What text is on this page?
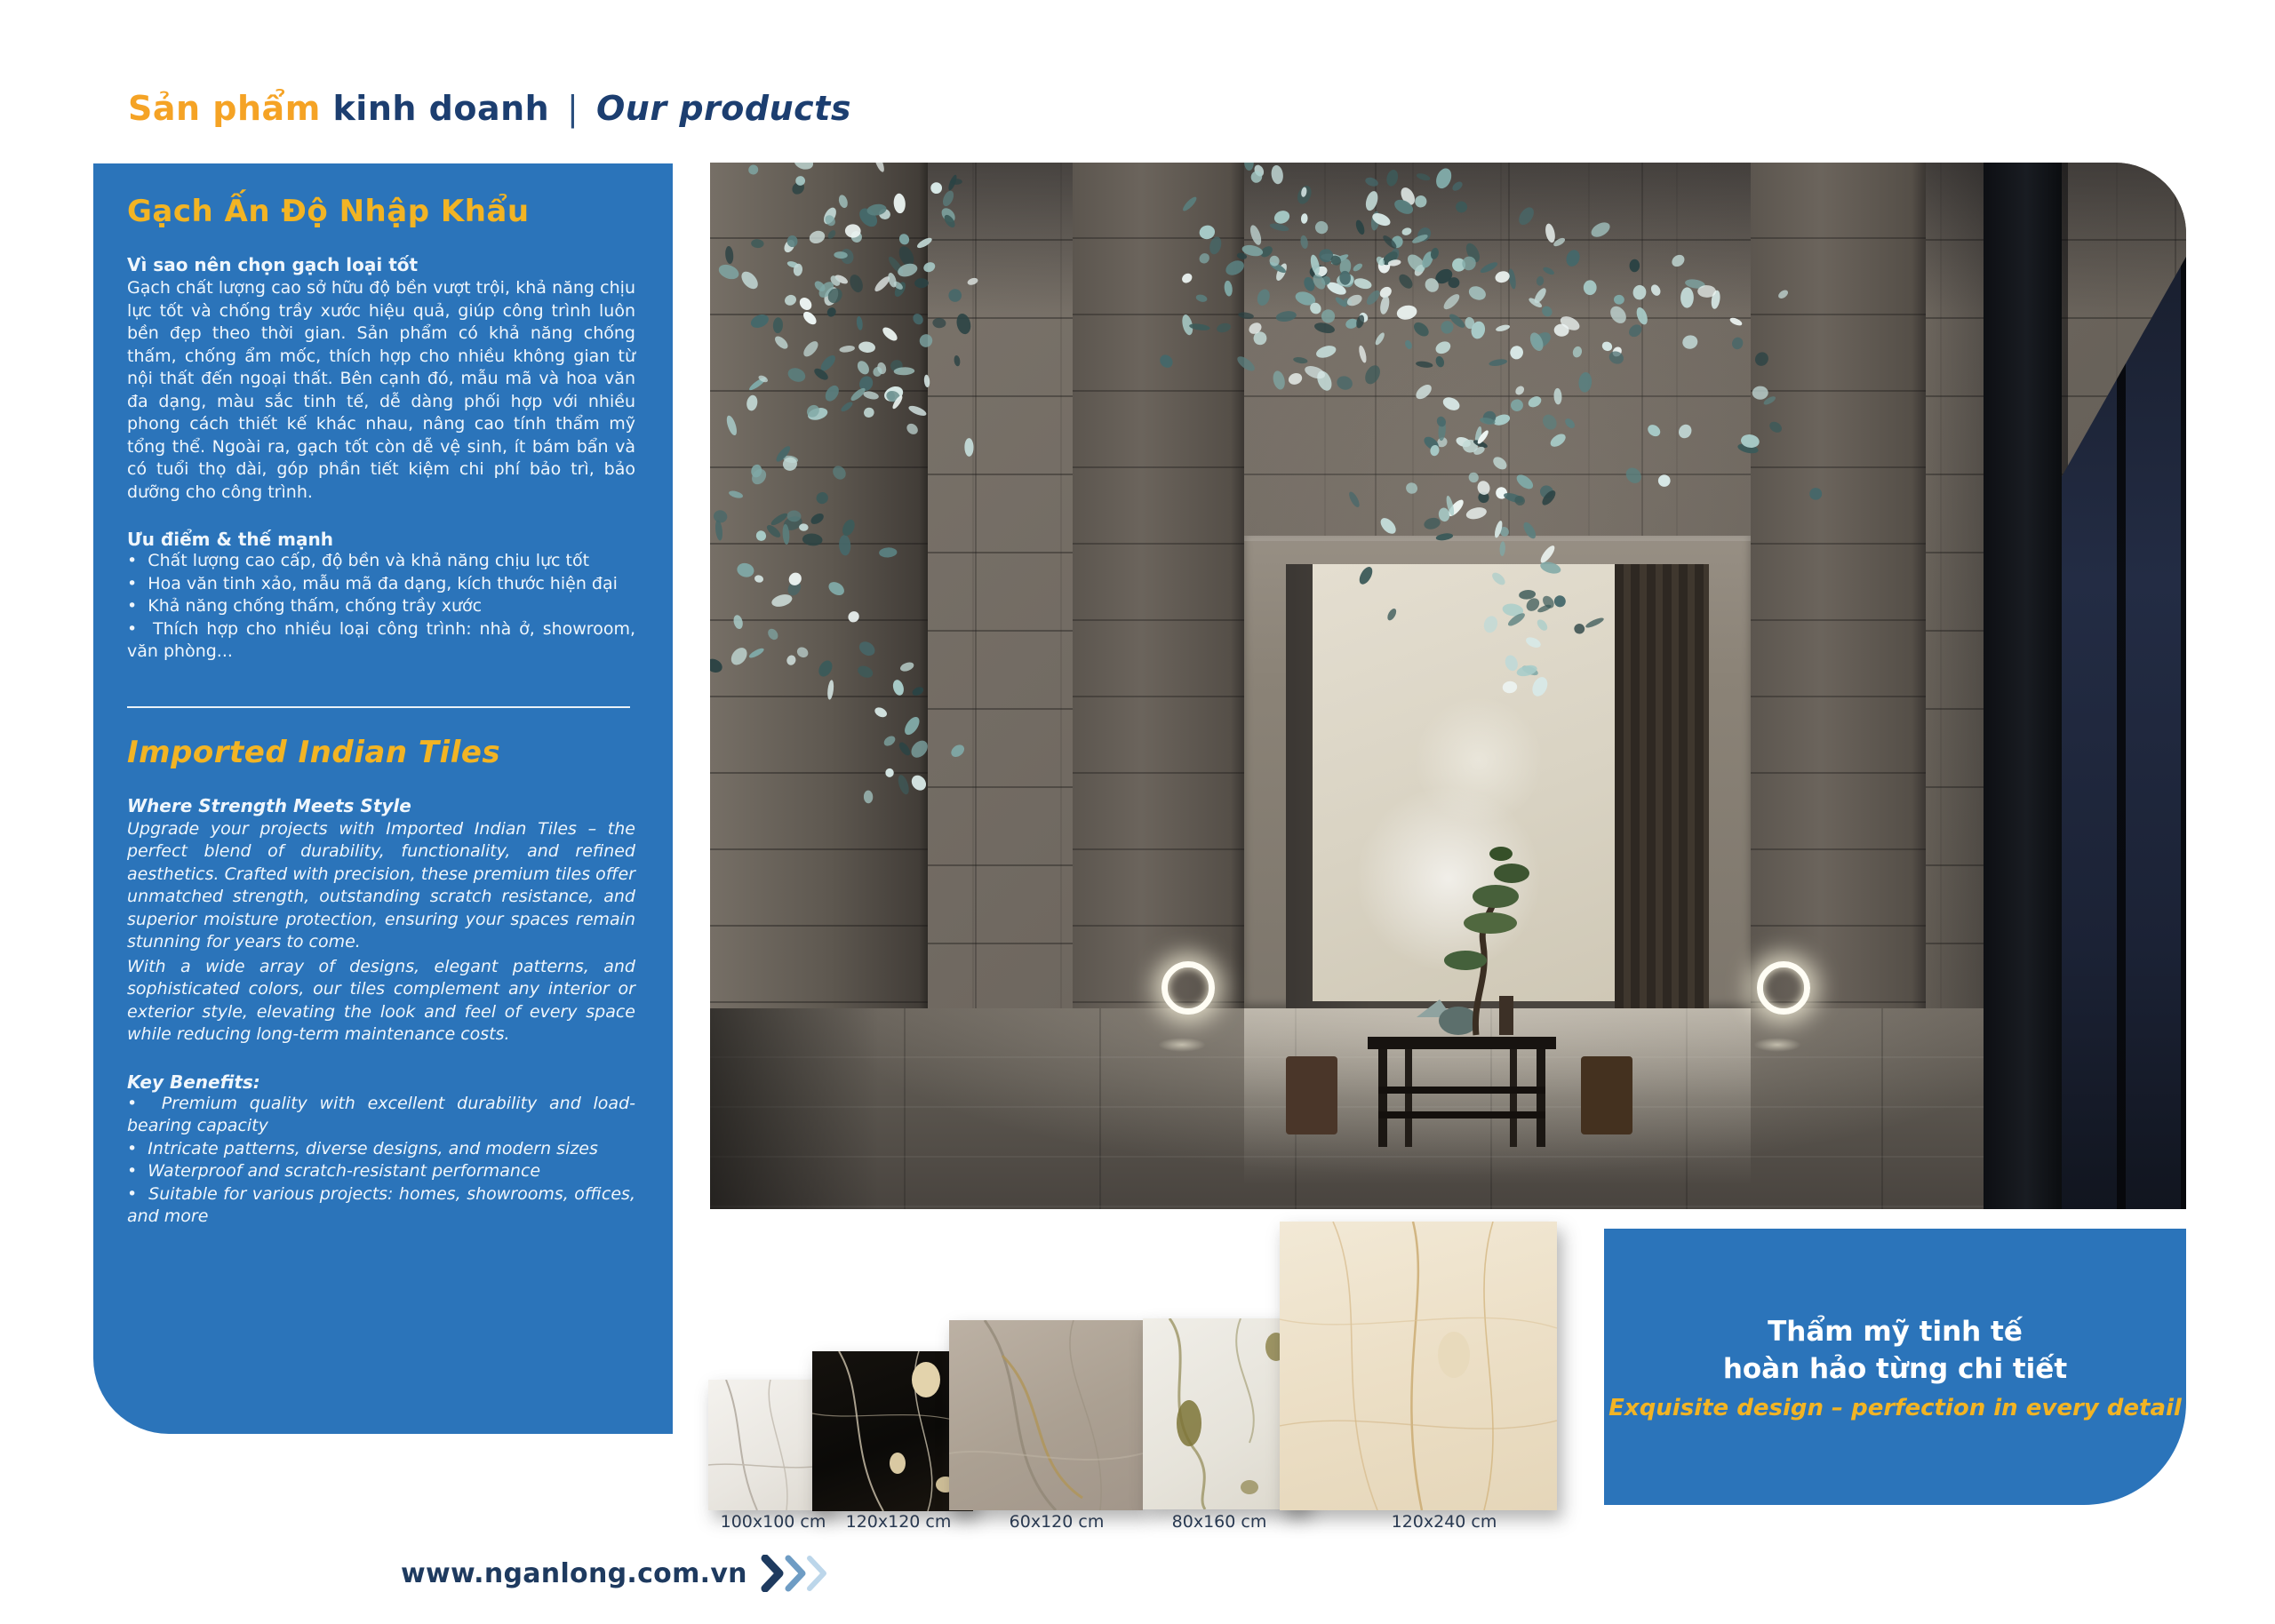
Sản phẩm kinh doanh | Our products
Gạch Ấn Độ Nhập Khẩu
Vì sao nên chọn gạch loại tốt
Gạch chất lượng cao sở hữu độ bền vượt trội, khả năng chịu lực tốt và chống trầy xước hiệu quả, giúp công trình luôn bền đẹp theo thời gian. Sản phẩm có khả năng chống thấm, chống ẩm mốc, thích hợp cho nhiều không gian từ nội thất đến ngoại thất. Bên cạnh đó, mẫu mã và hoa văn đa dạng, màu sắc tinh tế, dễ dàng phối hợp với nhiều phong cách thiết kế khác nhau, nâng cao tính thẩm mỹ tổng thể. Ngoài ra, gạch tốt còn dễ vệ sinh, ít bám bẩn và có tuổi thọ dài, góp phần tiết kiệm chi phí bảo trì, bảo dưỡng cho công trình.
Ưu điểm & thế mạnh
•  Chất lượng cao cấp, độ bền và khả năng chịu lực tốt
•  Hoa văn tinh xảo, mẫu mã đa dạng, kích thước hiện đại
•  Khả năng chống thấm, chống trầy xước
•  Thích hợp cho nhiều loại công trình: nhà ở, showroom, văn phòng...
Imported Indian Tiles
Where Strength Meets Style
Upgrade your projects with Imported Indian Tiles – the perfect blend of durability, functionality, and refined aesthetics. Crafted with precision, these premium tiles offer unmatched strength, outstanding scratch resistance, and superior moisture protection, ensuring your spaces remain stunning for years to come.
With a wide array of designs, elegant patterns, and sophisticated colors, our tiles complement any interior or exterior style, elevating the look and feel of every space while reducing long-term maintenance costs.
Key Benefits:
•  Premium quality with excellent durability and load-bearing capacity
•  Intricate patterns, diverse designs, and modern sizes
•  Waterproof and scratch-resistant performance
•  Suitable for various projects: homes, showrooms, offices, and more
100x100 cm	120x120 cm	60x120 cm	80x160 cm	120x240 cm
Thẩm mỹ tinh tế
hoàn hảo từng chi tiết
Exquisite design – perfection in every detail
www.nganlong.com.vn
